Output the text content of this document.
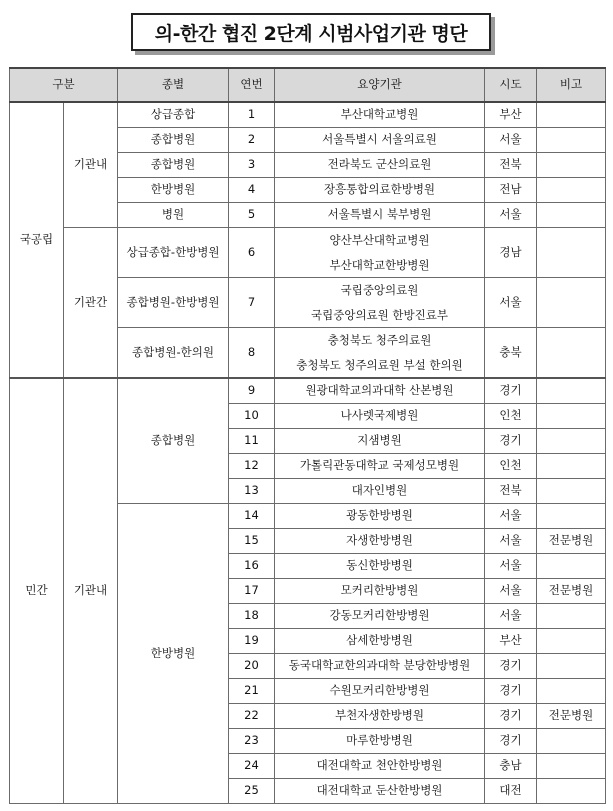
의-한간 협진 2단계 시범사업기관 명단
구분		종별	연번	요양기관	시도	비고
국공립	기관내	상급종합	1	부산대학교병원	부산	
		종합병원	2	서울특별시 서울의료원	서울	
		종합병원	3	전라북도 군산의료원	전북	
		한방병원	4	장흥통합의료한방병원	전남	
		병원	5	서울특별시 북부병원	서울	
	기관간	상급종합-한방병원	6	양산부산대학교병원
부산대학교한방병원	경남	

		종합병원-한방병원	7	국립중앙의료원
국립중앙의료원 한방진료부	서울	

		종합병원-한의원	8	충청북도 청주의료원
충청북도 청주의료원 부설 한의원	충북	

민간	기관내	종합병원	9	원광대학교의과대학 산본병원	경기	
			10	나사렛국제병원	인천	
			11	지샘병원	경기	
			12	가톨릭관동대학교 국제성모병원	인천	
			13	대자인병원	전북	
		한방병원	14	광동한방병원	서울	
			15	자생한방병원	서울	전문병원
			16	동신한방병원	서울	
			17	모커리한방병원	서울	전문병원
			18	강동모커리한방병원	서울	
			19	삼세한방병원	부산	
			20	동국대학교한의과대학 분당한방병원	경기	
			21	수원모커리한방병원	경기	
			22	부천자생한방병원	경기	전문병원
			23	마루한방병원	경기	
			24	대전대학교 천안한방병원	충남	
			25	대전대학교 둔산한방병원	대전	
